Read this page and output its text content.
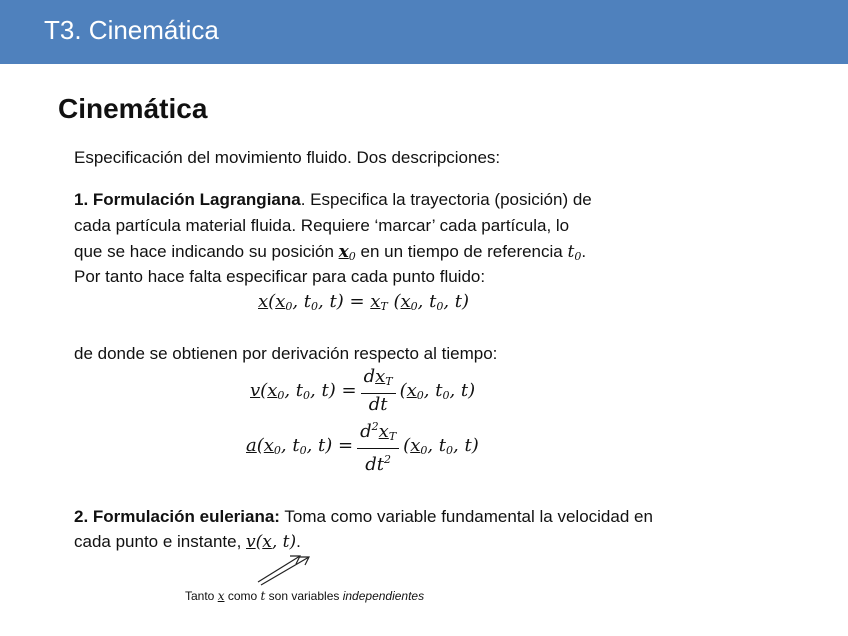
T3. Cinemática
Cinemática
Especificación del movimiento fluido. Dos descripciones:
1. Formulación Lagrangiana. Especifica la trayectoria (posición) de
cada partícula material fluida. Requiere ‘marcar’ cada partícula, lo
que se hace indicando su posición $x_0$ en un tiempo de referencia $t_0$.
Por tanto hace falta especificar para cada punto fluido:
$x(x_0$, $t_0$, $t) = x_T$ ($x_0$, $t_0$, t)
de donde se obtienen por derivación respecto al tiempo:
$v(x_0$, $t_0$, $t) = \frac{dx_T}{dt} (x_0$, $t_0$, t)
$a(x_0$, $t_0$, $t) = \frac{d^2x_T}{dt^2} (x_0$, $t_0$, t)
2. Formulación euleriana: Toma como variable fundamental la velocidad en
cada punto e instante, v(x, t).
Tanto x como t son variables independientes
